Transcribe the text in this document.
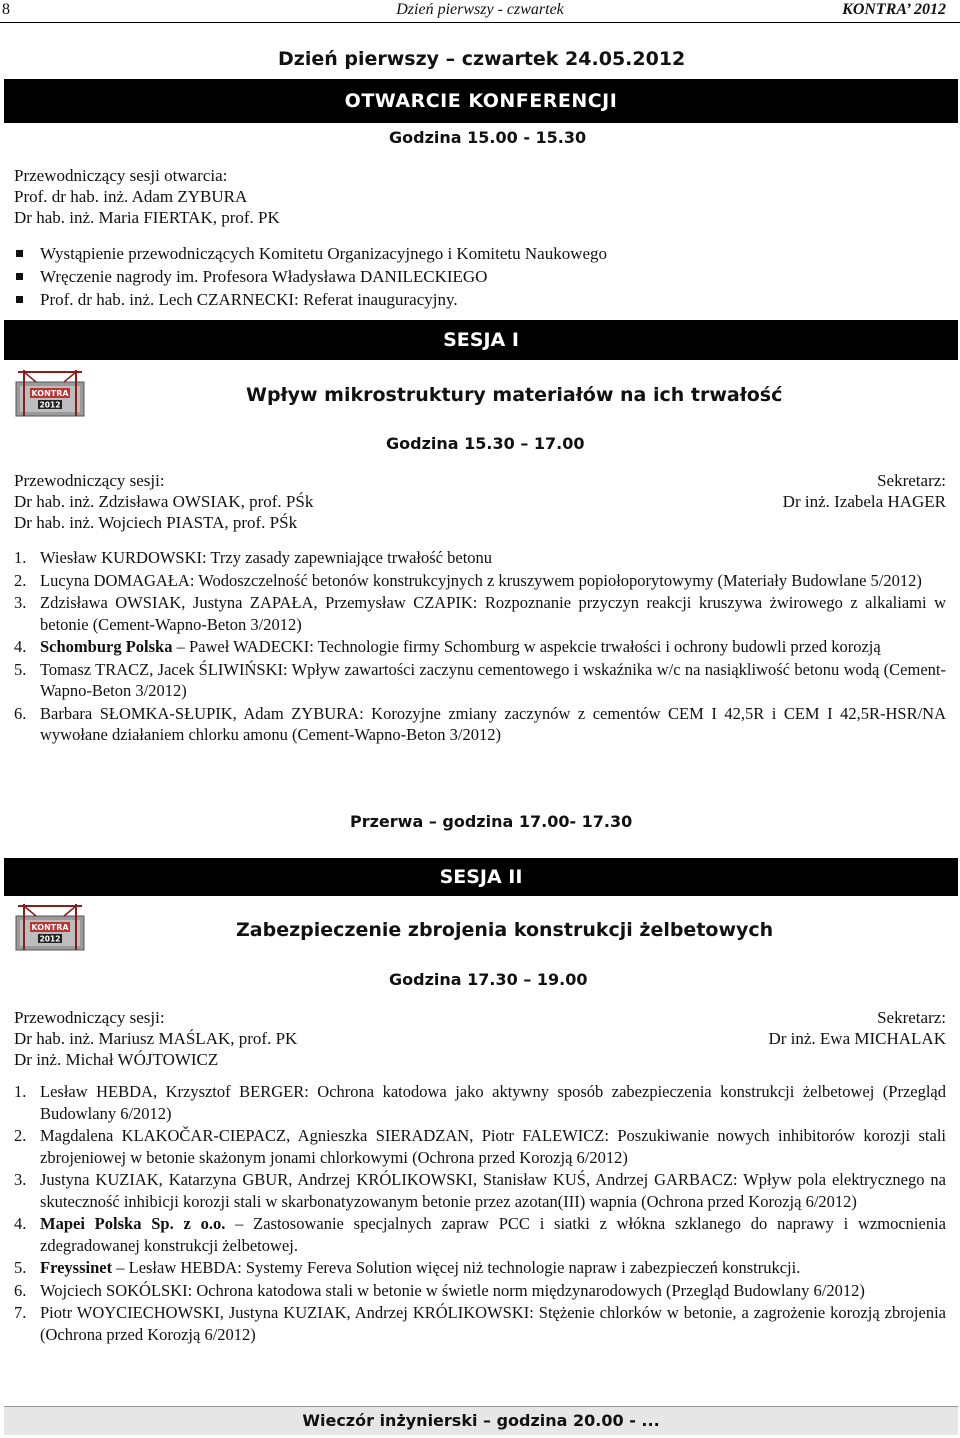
8	Dzień pierwszy - czwartek	KONTRA’ 2012
Dzień pierwszy – czwartek 24.05.2012
OTWARCIE KONFERENCJI
Godzina 15.00 - 15.30
Przewodniczący sesji otwarcia:
Prof. dr hab. inż. Adam ZYBURA
Dr hab. inż. Maria FIERTAK, prof. PK
Wystąpienie przewodniczących Komitetu Organizacyjnego i Komitetu Naukowego
Wręczenie nagrody im. Profesora Władysława DANILECKIEGO
Prof. dr hab. inż. Lech CZARNECKI: Referat inauguracyjny.
SESJA I
KONTRA
2012	Wpływ mikrostruktury materiałów na ich trwałość
Godzina 15.30 – 17.00
Przewodniczący sesji:
Dr hab. inż. Zdzisława OWSIAK, prof. PŚk
Dr hab. inż. Wojciech PIASTA, prof. PŚk
Sekretarz:
Dr inż. Izabela HAGER
1. Wiesław KURDOWSKI: Trzy zasady zapewniające trwałość betonu
2. Lucyna DOMAGAŁA: Wodoszczelność betonów konstrukcyjnych z kruszywem popiołoporytowymy (Materiały Budowlane 5/2012)
3. Zdzisława OWSIAK, Justyna ZAPAŁA, Przemysław CZAPIK: Rozpoznanie przyczyn reakcji kruszywa żwirowego z alkaliami w betonie (Cement-Wapno-Beton 3/2012)
4. Schomburg Polska – Paweł WADECKI: Technologie firmy Schomburg w aspekcie trwałości i ochrony budowli przed korozją
5. Tomasz TRACZ, Jacek ŚLIWIŃSKI: Wpływ zawartości zaczynu cementowego i wskaźnika w/c na nasiąkliwość betonu wodą (Cement-Wapno-Beton 3/2012)
6. Barbara SŁOMKA-SŁUPIK, Adam ZYBURA: Korozyjne zmiany zaczynów z cementów CEM I 42,5R i CEM I 42,5R-HSR/NA wywołane działaniem chlorku amonu (Cement-Wapno-Beton 3/2012)
Przerwa – godzina 17.00- 17.30
SESJA II
KONTRA
2012	Zabezpieczenie zbrojenia konstrukcji żelbetowych
Godzina 17.30 – 19.00
Przewodniczący sesji:
Dr hab. inż. Mariusz MAŚLAK, prof. PK
Dr inż. Michał WÓJTOWICZ
Sekretarz:
Dr inż. Ewa MICHALAK
1. Lesław HEBDA, Krzysztof BERGER: Ochrona katodowa jako aktywny sposób zabezpieczenia konstrukcji żelbetowej (Przegląd Budowlany 6/2012)
2. Magdalena KLAKOČAR-CIEPACZ, Agnieszka SIERADZAN, Piotr FALEWICZ: Poszukiwanie nowych inhibitorów korozji stali zbrojeniowej w betonie skażonym jonami chlorkowymi (Ochrona przed Korozją 6/2012)
3. Justyna KUZIAK, Katarzyna GBUR, Andrzej KRÓLIKOWSKI, Stanisław KUŚ, Andrzej GARBACZ: Wpływ pola elektrycznego na skuteczność inhibicji korozji stali w skarbonatyzowanym betonie przez azotan(III) wapnia (Ochrona przed Korozją 6/2012)
4. Mapei Polska Sp. z o.o. – Zastosowanie specjalnych zapraw PCC i siatki z włókna szklanego do naprawy i wzmocnienia zdegradowanej konstrukcji żelbetowej.
5. Freyssinet – Lesław HEBDA: Systemy Fereva Solution więcej niż technologie napraw i zabezpieczeń konstrukcji.
6. Wojciech SOKÓLSKI: Ochrona katodowa stali w betonie w świetle norm międzynarodowych (Przegląd Budowlany 6/2012)
7. Piotr WOYCIECHOWSKI, Justyna KUZIAK, Andrzej KRÓLIKOWSKI: Stężenie chlorków w betonie, a zagrożenie korozją zbrojenia (Ochrona przed Korozją 6/2012)
Wieczór inżynierski – godzina 20.00 - ...
